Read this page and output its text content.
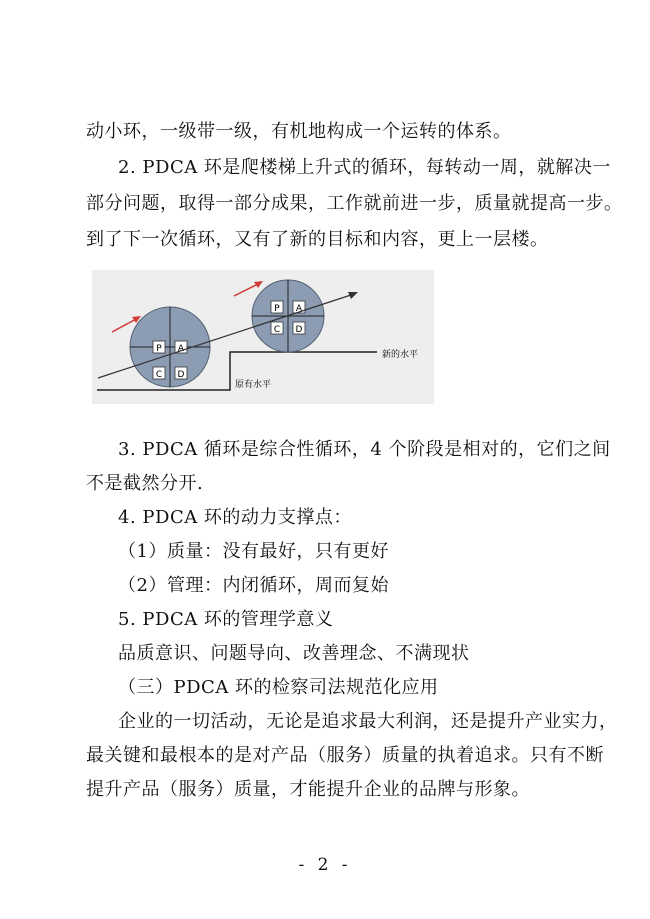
动小环，一级带一级，有机地构成一个运转的体系。
2. PDCA 环是爬楼梯上升式的循环，每转动一周，就解决一
部分问题，取得一部分成果，工作就前进一步，质量就提高一步。
到了下一次循环，又有了新的目标和内容，更上一层楼。
P A
C D
P A
C D
新的水平
原有水平
3. PDCA 循环是综合性循环，4 个阶段是相对的，它们之间
不是截然分开.
4. PDCA 环的动力支撑点：
（1）质量：没有最好，只有更好
（2）管理：内闭循环，周而复始
5. PDCA 环的管理学意义
品质意识、问题导向、改善理念、不满现状
（三）PDCA 环的检察司法规范化应用
企业的一切活动，无论是追求最大利润，还是提升产业实力，
最关键和最根本的是对产品（服务）质量的执着追求。只有不断
提升产品（服务）质量，才能提升企业的品牌与形象。
- 2 -
